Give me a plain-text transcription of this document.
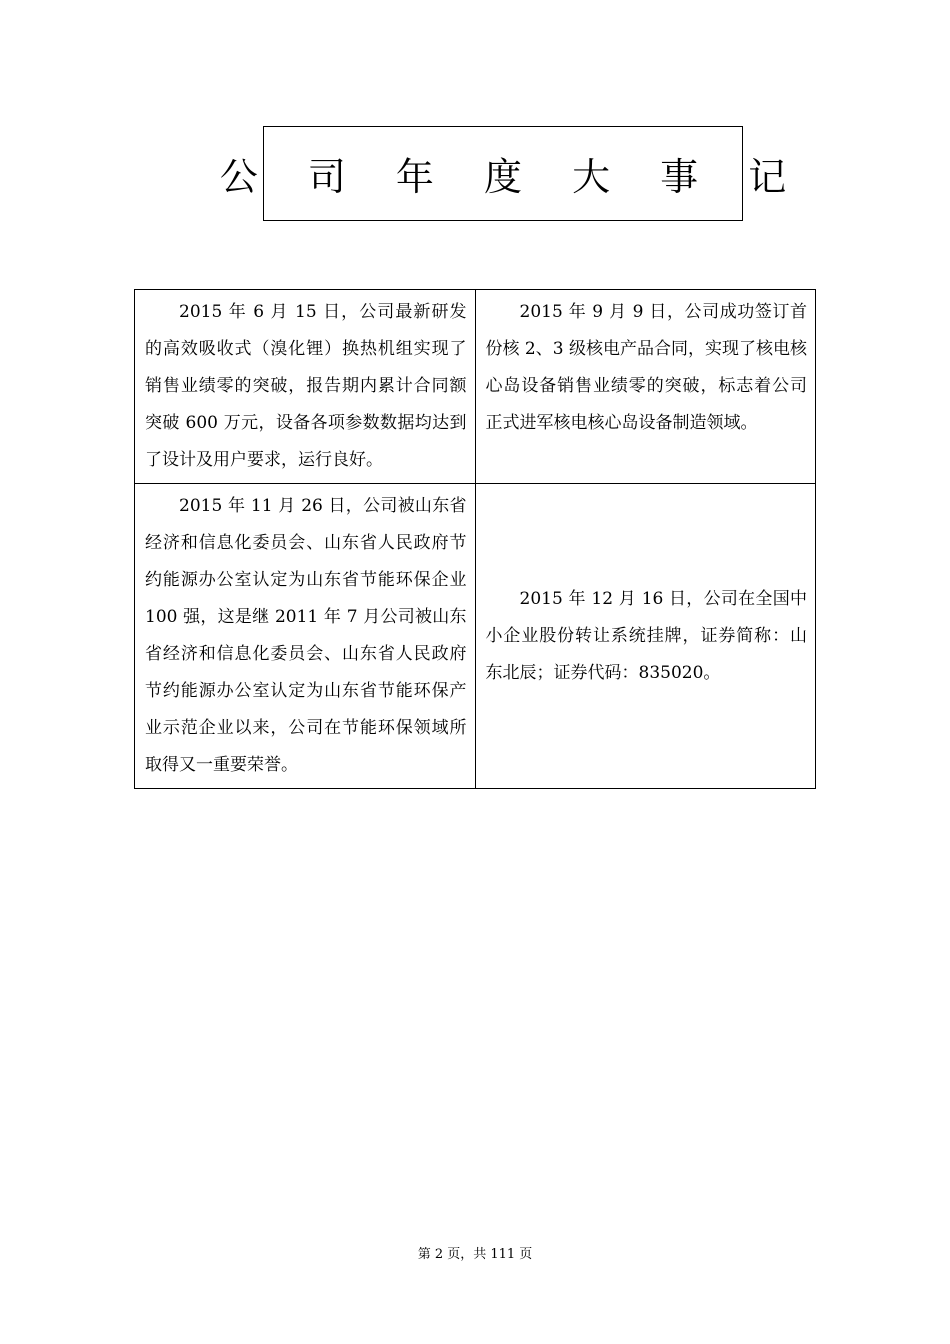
公 司 年 度 大 事 记
2015 年 6 月 15 日，公司最新研发的高效吸收式（溴化锂）换热机组实现了销售业绩零的突破，报告期内累计合同额突破 600 万元，设备各项参数数据均达到了设计及用户要求，运行良好。	2015 年 9 月 9 日，公司成功签订首份核 2、3 级核电产品合同，实现了核电核心岛设备销售业绩零的突破，标志着公司正式进军核电核心岛设备制造领域。
2015 年 11 月 26 日，公司被山东省经济和信息化委员会、山东省人民政府节约能源办公室认定为山东省节能环保企业 100 强，这是继 2011 年 7 月公司被山东省经济和信息化委员会、山东省人民政府节约能源办公室认定为山东省节能环保产业示范企业以来，公司在节能环保领域所取得又一重要荣誉。	2015 年 12 月 16 日，公司在全国中小企业股份转让系统挂牌，证券简称：山东北辰；证券代码：835020。
第 2 页，共 111 页
